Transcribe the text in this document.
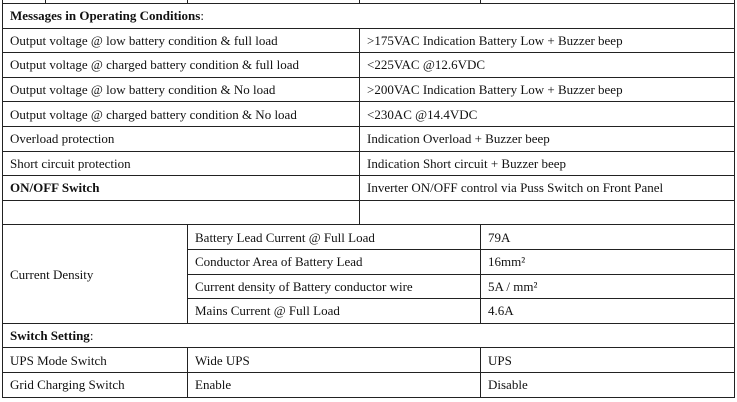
Messages in Operating Conditions:				
Output voltage @ low battery condition & full load			>175VAC Indication Battery Low + Buzzer beep	
Output voltage @ charged battery condition & full load			<225VAC @12.6VDC	
Output voltage @ low battery condition & No load			>200VAC Indication Battery Low + Buzzer beep	
Output voltage @ charged battery condition & No load			<230AC @14.4VDC	
Overload protection			Indication Overload + Buzzer beep	
Short circuit protection			Indication Short circuit + Buzzer beep	
ON/OFF Switch			Inverter ON/OFF control via Puss Switch on Front Panel	

Current Density		Battery Lead Current @ Full Load		79A
		Conductor Area of Battery Lead		16mm²
		Current density of Battery conductor wire		5A / mm²
		Mains Current @ Full Load		4.6A
Switch Setting:				
UPS Mode Switch		Wide UPS		UPS
Grid Charging Switch		Enable		Disable
